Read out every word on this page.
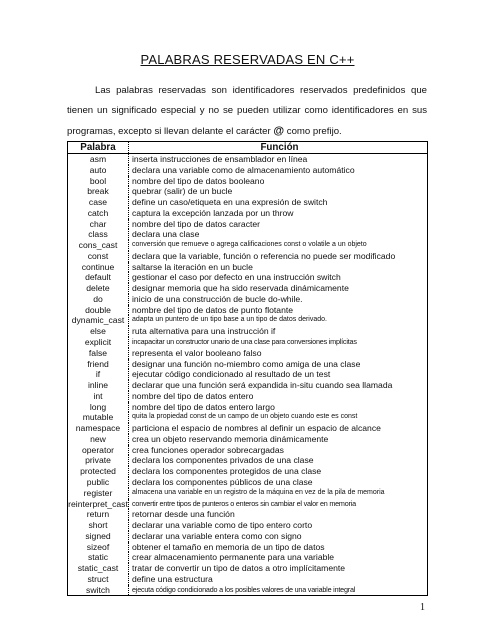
PALABRAS RESERVADAS EN C++

Las palabras reservadas son identificadores reservados predefinidos que tienen un significado especial y no se pueden utilizar como identificadores en sus programas, excepto si llevan delante el carácter @ como prefijo.

Palabra	Función
asm	inserta instrucciones de ensamblador en línea
auto	declara una variable como de almacenamiento automático
bool	nombre del tipo de datos booleano
break	quebrar (salir) de un bucle
case	define un caso/etiqueta en una expresión de switch
catch	captura la excepción lanzada por un throw
char	nombre del tipo de datos caracter
class	declara una clase
cons_cast	conversión que remueve o agrega calificaciones const o volatile a un objeto
const	declara que la variable, función o referencia no puede ser modificado
continue	saltarse la iteración en un bucle
default	gestionar el caso por defecto en una instrucción switch
delete	designar memoria que ha sido reservada dinámicamente
do	inicio de una construcción de bucle do-while.
double	nombre del tipo de datos de punto flotante
dynamic_cast	adapta un puntero de un tipo base a un tipo de datos derivado.
else	ruta alternativa para una instrucción if
explicit	incapacitar un constructor unario de una clase para conversiones implícitas
false	representa el valor booleano falso
friend	designar una función no-miembro como amiga de una clase
if	ejecutar código condicionado al resultado de un test
inline	declarar que una función será expandida in-situ cuando sea llamada
int	nombre del tipo de datos entero
long	nombre del tipo de datos entero largo
mutable	quita la propiedad const de un campo de un objeto cuando este es const
namespace	particiona el espacio de nombres al definir un espacio de alcance
new	crea un objeto reservando memoria dinámicamente
operator	crea funciones operador sobrecargadas
private	declara los componentes privados de una clase
protected	declara los componentes protegidos de una clase
public	declara los componentes públicos de una clase
register	almacena una variable en un registro de la máquina en vez de la pila de memoria
reinterpret_cast	convertir entre tipos de punteros o enteros sin cambiar el valor en memoria
return	retornar desde una función
short	declarar una variable como de tipo entero corto
signed	declarar una variable entera como con signo
sizeof	obtener el tamaño en memoria de un tipo de datos
static	crear almacenamiento permanente para una variable
static_cast	tratar de convertir un tipo de datos a otro implícitamente
struct	define una estructura
switch	ejecuta código condicionado a los posibles valores de una variable integral
1
